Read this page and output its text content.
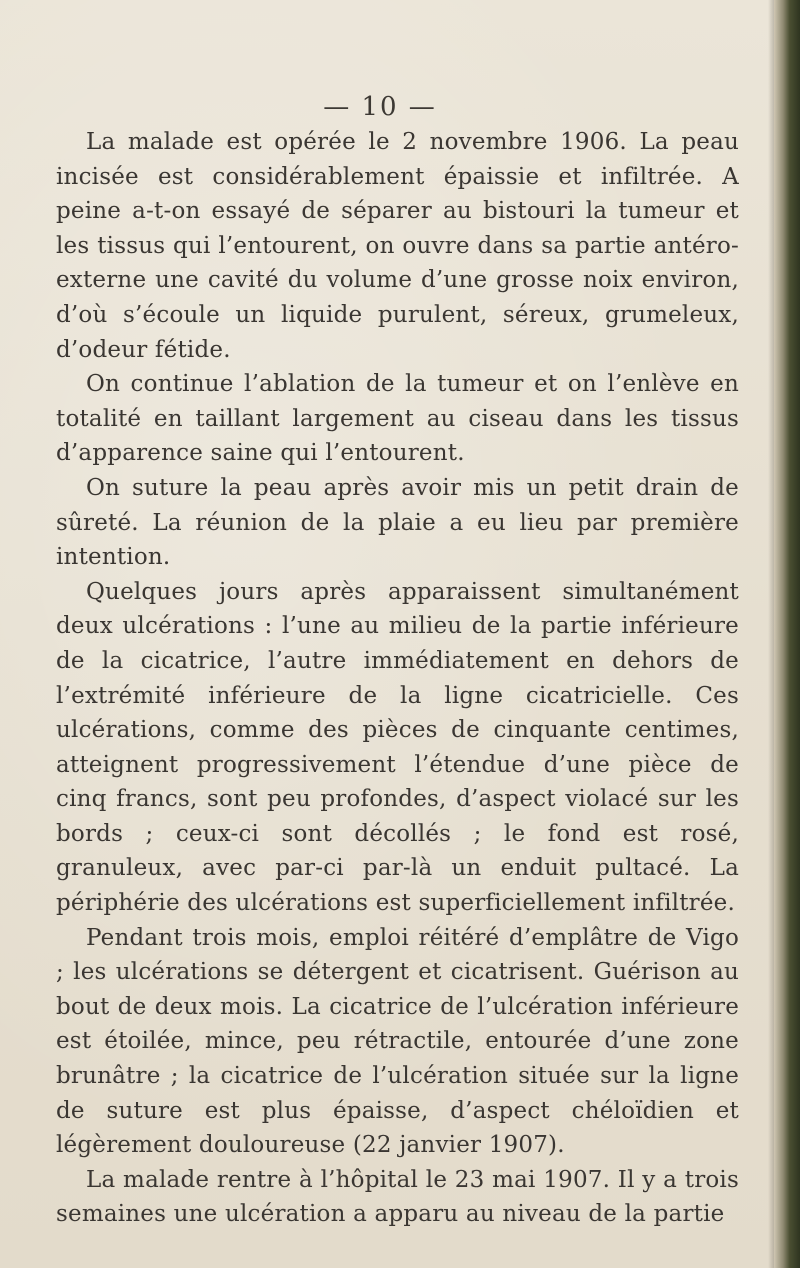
— 10 —

La malade est opérée le 2 novembre 1906. La peau incisée est considérablement épaissie et infiltrée. A peine a-t-on essayé de séparer au bistouri la tumeur et les tissus qui l’entourent, on ouvre dans sa partie antéro-externe une cavité du volume d’une grosse noix environ, d’où s’écoule un liquide purulent, séreux, grumeleux, d’odeur fétide.

On continue l’ablation de la tumeur et on l’enlève en totalité en taillant largement au ciseau dans les tissus d’apparence saine qui l’entourent.

On suture la peau après avoir mis un petit drain de sûreté. La réunion de la plaie a eu lieu par première intention.

Quelques jours après apparaissent simultanément deux ulcérations : l’une au milieu de la partie inférieure de la cicatrice, l’autre immédiatement en dehors de l’extrémité inférieure de la ligne cicatricielle. Ces ulcérations, comme des pièces de cinquante centimes, atteignent progressivement l’étendue d’une pièce de cinq francs, sont peu profondes, d’aspect violacé sur les bords ; ceux-ci sont décollés ; le fond est rosé, granuleux, avec par-ci par-là un enduit pultacé. La périphérie des ulcérations est superficiellement infiltrée.

Pendant trois mois, emploi réitéré d’emplâtre de Vigo ; les ulcérations se détergent et cicatrisent. Guérison au bout de deux mois. La cicatrice de l’ulcération inférieure est étoilée, mince, peu rétractile, entourée d’une zone brunâtre ; la cicatrice de l’ulcération située sur la ligne de suture est plus épaisse, d’aspect chéloïdien et légèrement douloureuse (22 janvier 1907).

La malade rentre à l’hôpital le 23 mai 1907. Il y a trois semaines une ulcération a apparu au niveau de la partie
